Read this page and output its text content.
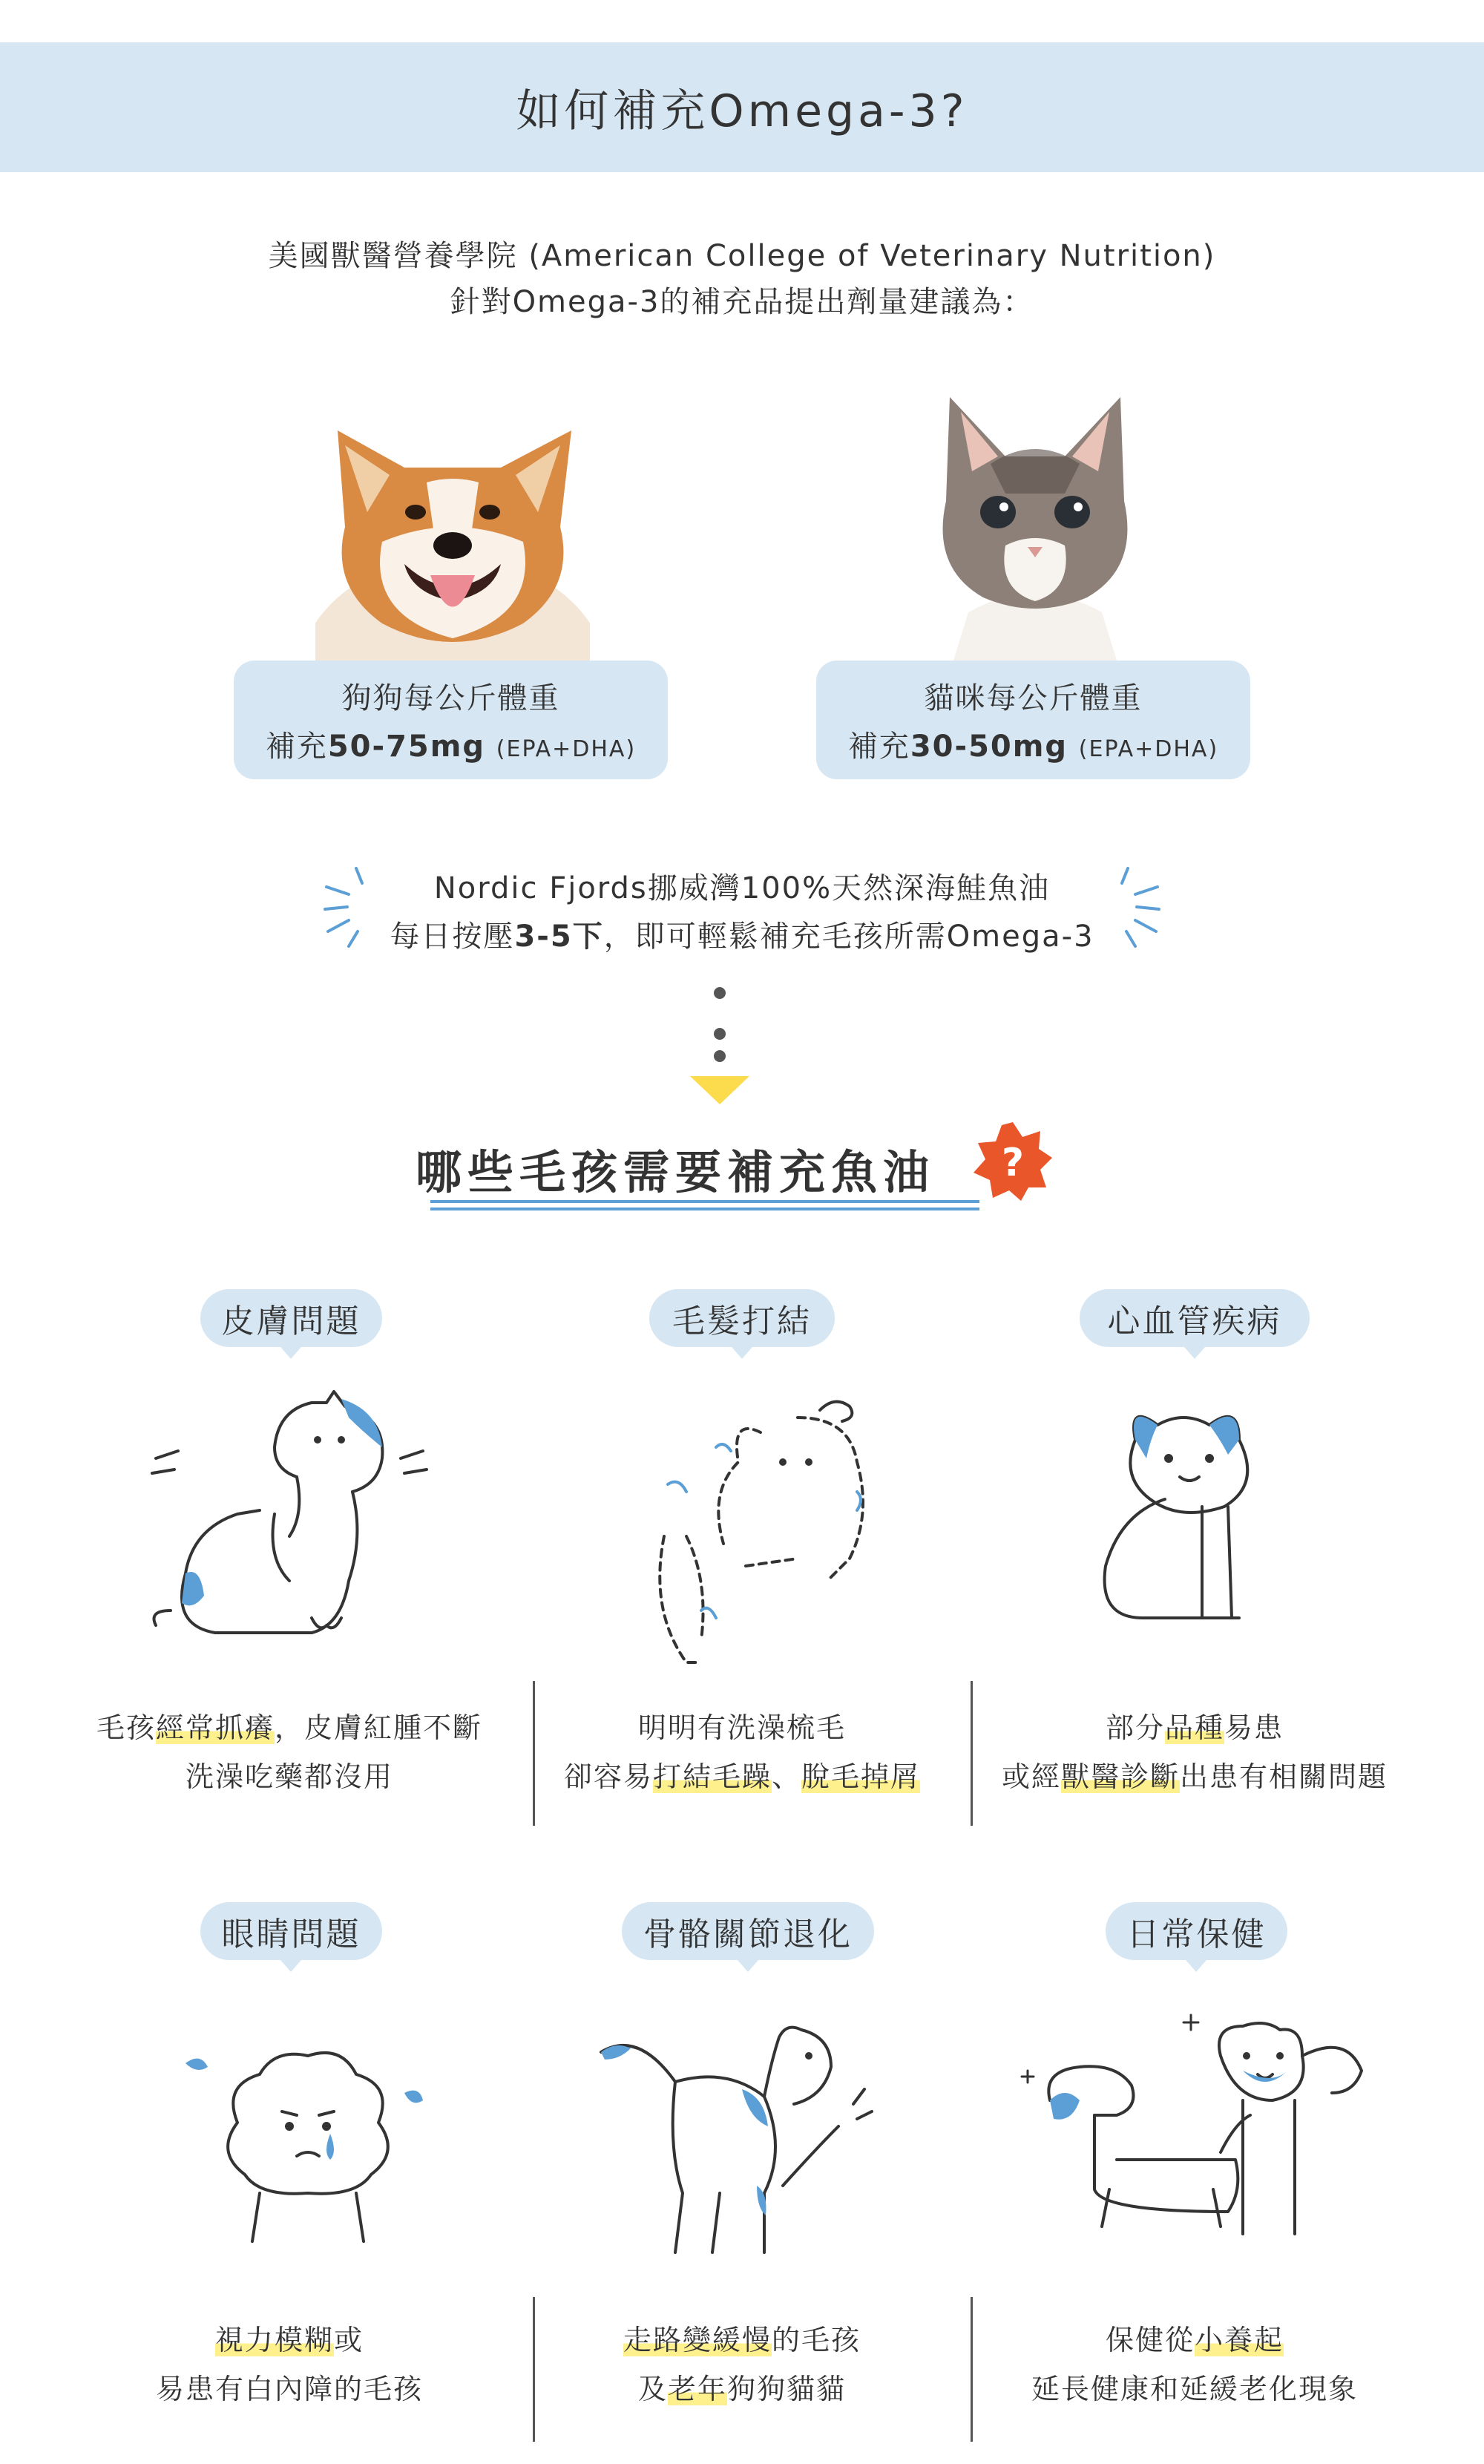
如何補充Omega-3?
美國獸醫營養學院 (American College of Veterinary Nutrition)
針對Omega-3的補充品提出劑量建議為：
狗狗每公斤體重
補充50-75mg (EPA+DHA)
貓咪每公斤體重
補充30-50mg (EPA+DHA)
Nordic Fjords挪威灣100%天然深海鮭魚油
每日按壓3-5下，即可輕鬆補充毛孩所需Omega-3
哪些毛孩需要補充魚油	?
皮膚問題	毛髮打結	心血管疾病
毛孩經常抓癢，皮膚紅腫不斷
洗澡吃藥都沒用
明明有洗澡梳毛
卻容易打結毛躁、脫毛掉屑
部分品種易患
或經獸醫診斷出患有相關問題
眼睛問題	骨骼關節退化	日常保健
視力模糊或
易患有白內障的毛孩
走路變緩慢的毛孩
及老年狗狗貓貓
保健從小養起
延長健康和延緩老化現象
